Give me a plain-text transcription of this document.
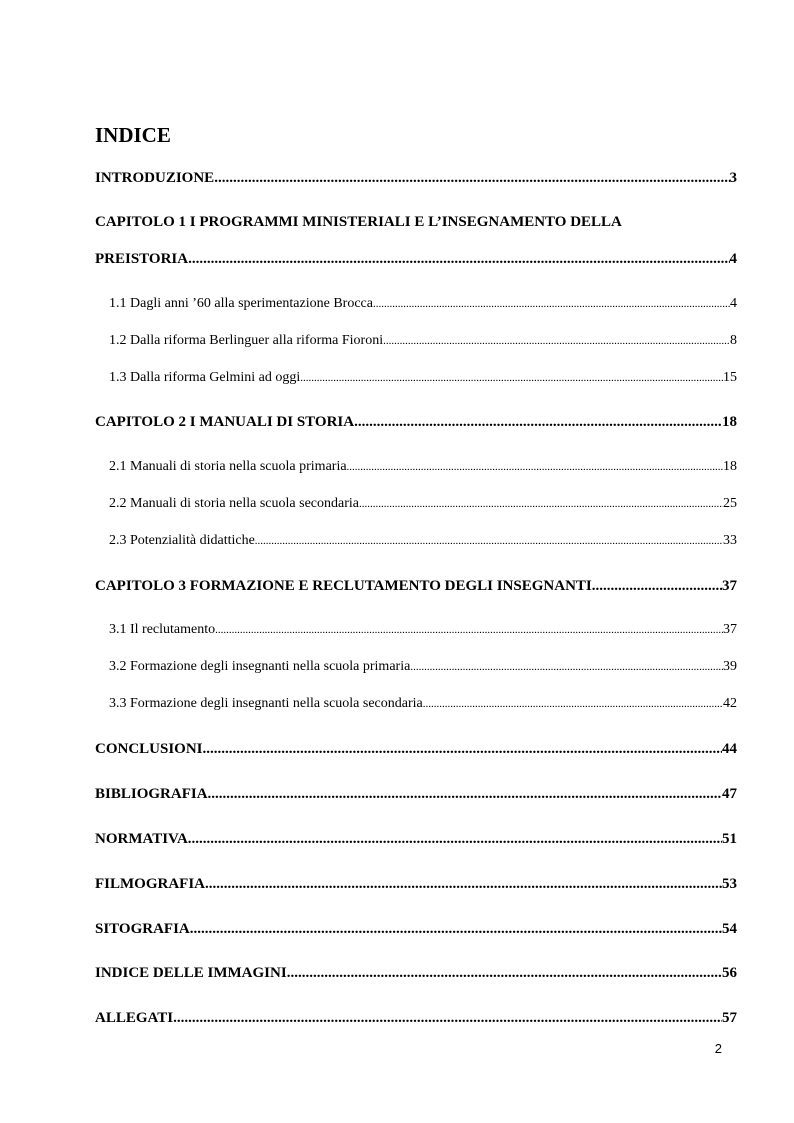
INDICE
INTRODUZIONE .....	3
CAPITOLO 1 I PROGRAMMI MINISTERIALI E L’INSEGNAMENTO DELLA
PREISTORIA .....	4
1.1 Dagli anni ’60 alla sperimentazione Brocca .....	4
1.2 Dalla riforma Berlinguer alla riforma Fioroni .....	8
1.3 Dalla riforma Gelmini ad oggi .....	15
CAPITOLO 2 I MANUALI DI STORIA .....	18
2.1 Manuali di storia nella scuola primaria .....	18
2.2 Manuali di storia nella scuola secondaria .....	25
2.3 Potenzialità didattiche .....	33
CAPITOLO 3 FORMAZIONE E RECLUTAMENTO DEGLI INSEGNANTI .....	37
3.1 Il reclutamento .....	37
3.2 Formazione degli insegnanti nella scuola primaria .....	39
3.3 Formazione degli insegnanti nella scuola secondaria .....	42
CONCLUSIONI .....	44
BIBLIOGRAFIA .....	47
NORMATIVA .....	51
FILMOGRAFIA .....	53
SITOGRAFIA .....	54
INDICE DELLE IMMAGINI .....	56
ALLEGATI .....	57
2
